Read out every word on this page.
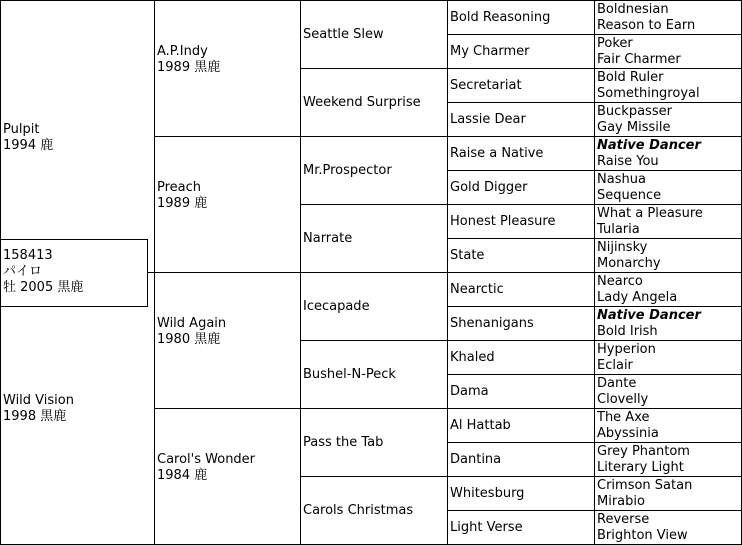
Pulpit
1994 鹿
Wild Vision
1998 黒鹿
158413
パイロ
牡 2005 黒鹿
A.P.Indy
1989 黒鹿
Preach
1989 鹿
Wild Again
1980 黒鹿
Carol's Wonder
1984 鹿
Seattle Slew
Weekend Surprise
Mr.Prospector
Narrate
Icecapade
Bushel-N-Peck
Pass the Tab
Carols Christmas
Bold Reasoning
My Charmer
Secretariat
Lassie Dear
Raise a Native
Gold Digger
Honest Pleasure
State
Nearctic
Shenanigans
Khaled
Dama
Al Hattab
Dantina
Whitesburg
Light Verse
Boldnesian
Reason to Earn
Poker
Fair Charmer
Bold Ruler
Somethingroyal
Buckpasser
Gay Missile
Native Dancer
Raise You
Nashua
Sequence
What a Pleasure
Tularia
Nijinsky
Monarchy
Nearco
Lady Angela
Native Dancer
Bold Irish
Hyperion
Eclair
Dante
Clovelly
The Axe
Abyssinia
Grey Phantom
Literary Light
Crimson Satan
Mirabio
Reverse
Brighton View
